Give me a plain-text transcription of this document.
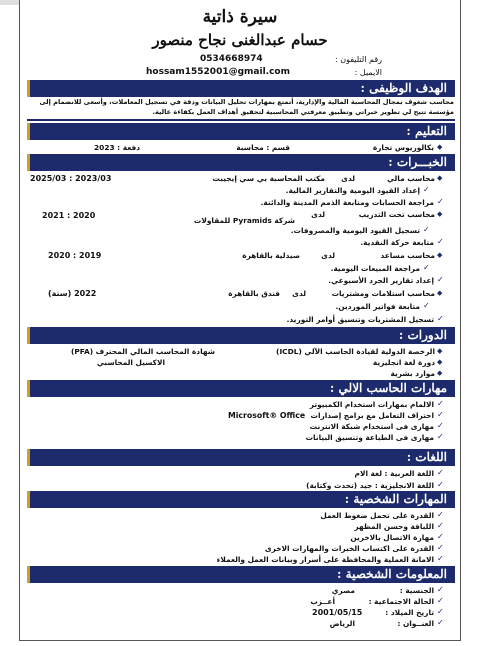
سيرة ذاتية
حسام عبدالغنى نجاح منصور
رقم التليفون :
0534668974
الايميل :
hossam1552001@gmail.com
الهدف الوظيفى :
محاسب شغوف بمجال المحاسبة المالية والإدارية، أتمتع بمهارات تحليل البيانات ودقة في تسجيل المعاملات، وأسعى للانضمام إلى
مؤسسة تتيح لي تطوير خبراتي وتطبيق معرفتي المحاسبية لتحقيق أهداف العمل بكفاءة عالية.
التعليم :
◆
بكالوريوس تجارة
قسم : محاسبة
دفعة : 2023
الخبـــرات :
◆
محاسب مالي
لدى
مكتب المحاسبة بي سي إيجيبت
2025/03 : 2023/03
✓
إعداد القيود اليومية والتقارير المالية.
✓
مراجعة الحسابات ومتابعة الذمم المدينة والدائنة.
◆
محاسب تحت التدريب
لدى
شركة Pyramids للمقاولات
2021 : 2020
✓
تسجيل القيود اليومية والمصروفات.
✓
متابعة حركة النقدية.
◆
محاسب مساعد
لدى
صيدلية بالقاهرة
2020 : 2019
✓
مراجعة المبيعات اليومية.
✓
إعداد تقارير الجرد الأسبوعي.
◆
محاسب استلامات ومشتريات
لدى
فندق بالقاهرة
2022 (سنة)
✓
متابعة فواتير الموردين.
✓
تسجيل المشتريات وتنسيق أوامر التوريد.
الدورات :
◆
الرخصة الدولية لقيادة الحاسب الآلي (ICDL)
◆
دورة لغة انجليزية
◆
موارد بشرية
شهادة المحاسب المالي المحترف (PFA)
الاكسيل المحاسبي
مهارات الحاسب الالي :
✓
الالمام بمهارات استخدام الكمبيوتر
✓
احتراف التعامل مع برامج إصدارات
Microsoft® Office
✓
مهارى فى استخدام شبكة الانترنت
✓
مهارى فى الطباعة وتنسيق البيانات
اللغات :
✓
اللغة العربية : لغة الام
✓
اللغة الانجليزية : جيد (تحدث وكتابة)
المهارات الشخصية :
✓
القدرة على تحمل ضغوط العمل
✓
اللباقة وحسن المظهر
✓
مهارة الاتصال بالاخرين
✓
القدرة على اكتساب الخبرات والمهارات الاخرى
✓
الامانة العملية والمحافظة على أسرار وبيانات العمل والعملاء
المعلومات الشخصية :
✓
الجنسية :
مصري
✓
الحالة الاجتماعية :
أعــزب
✓
تاريخ الميلاد :
2001/05/15
✓
العنــوان :
الرياض
